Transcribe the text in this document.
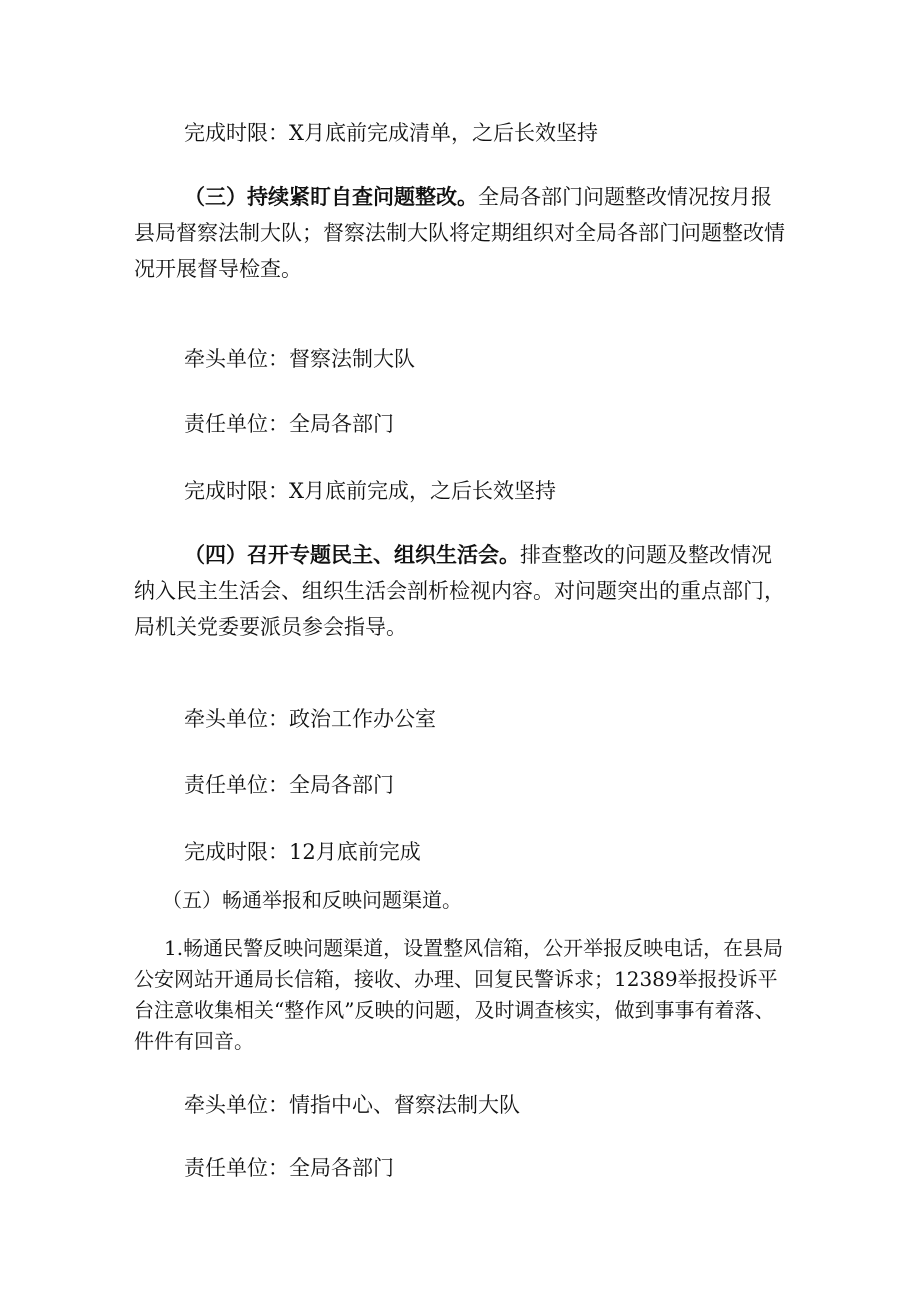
完成时限：X月底前完成清单，之后长效坚持
（三）持续紧盯自查问题整改。全局各部门问题整改情况按月报县局督察法制大队；督察法制大队将定期组织对全局各部门问题整改情况开展督导检查。
牵头单位：督察法制大队
责任单位：全局各部门
完成时限：X月底前完成，之后长效坚持
（四）召开专题民主、组织生活会。排查整改的问题及整改情况纳入民主生活会、组织生活会剖析检视内容。对问题突出的重点部门，局机关党委要派员参会指导。
牵头单位：政治工作办公室
责任单位：全局各部门
完成时限：12月底前完成
（五）畅通举报和反映问题渠道。
1.畅通民警反映问题渠道，设置整风信箱，公开举报反映电话，在县局公安网站开通局长信箱，接收、办理、回复民警诉求；12389举报投诉平台注意收集相关“整作风”反映的问题，及时调查核实，做到事事有着落、件件有回音。
牵头单位：情指中心、督察法制大队
责任单位：全局各部门
